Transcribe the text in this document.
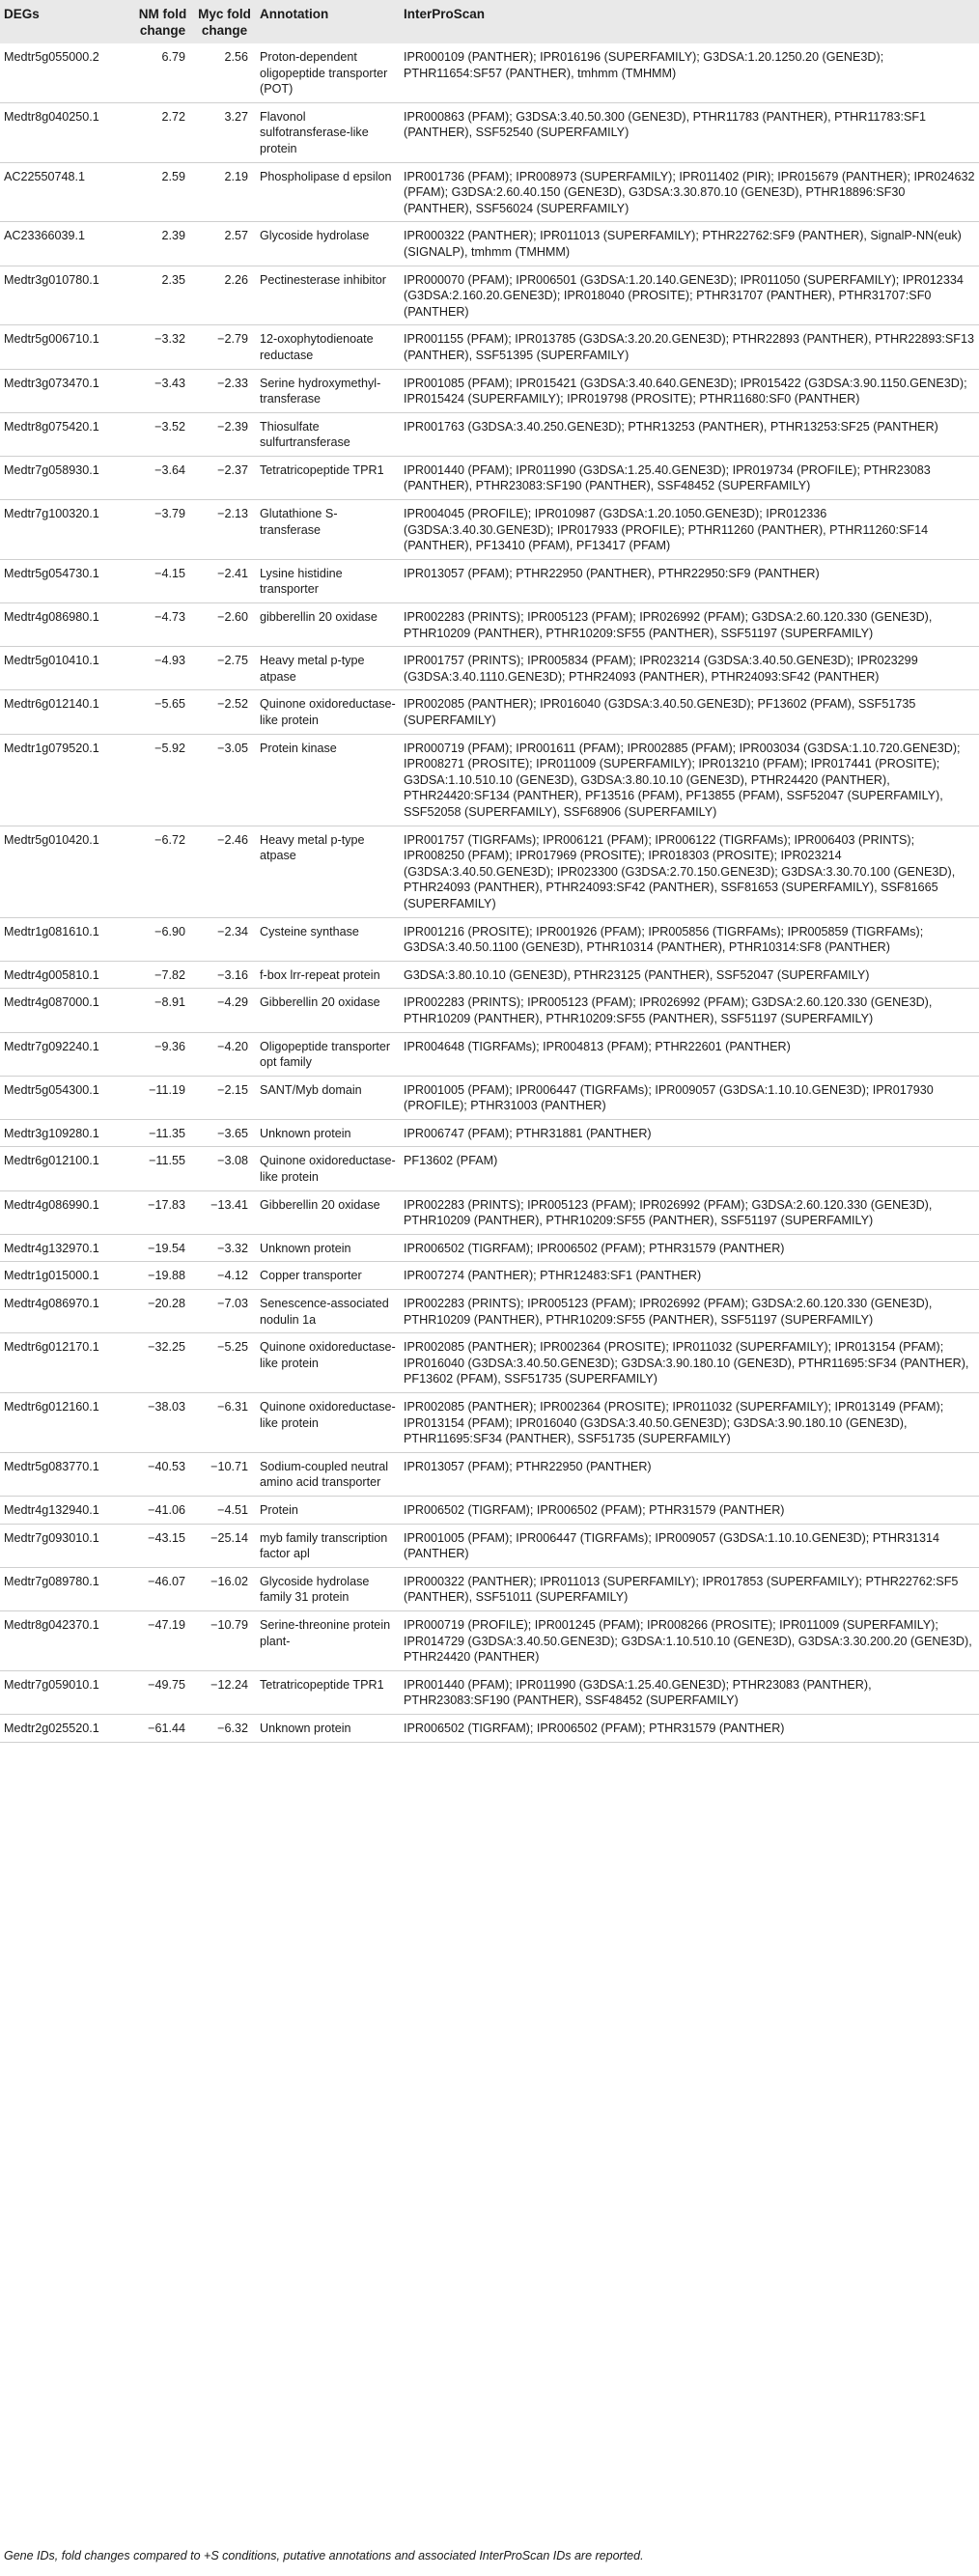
DEGs	NM fold change	Myc fold change	Annotation	InterProScan
Medtr5g055000.2	6.79	2.56	Proton-dependent oligopeptide transporter (POT)	IPR000109 (PANTHER); IPR016196 (SUPERFAMILY); G3DSA:1.20.1250.20 (GENE3D); PTHR11654:SF57 (PANTHER), tmhmm (TMHMM)
Medtr8g040250.1	2.72	3.27	Flavonol sulfotransferase-like protein	IPR000863 (PFAM); G3DSA:3.40.50.300 (GENE3D), PTHR11783 (PANTHER), PTHR11783:SF1 (PANTHER), SSF52540 (SUPERFAMILY)
AC22550748.1	2.59	2.19	Phospholipase d epsilon	IPR001736 (PFAM); IPR008973 (SUPERFAMILY); IPR011402 (PIR); IPR015679 (PANTHER); IPR024632 (PFAM); G3DSA:2.60.40.150 (GENE3D), G3DSA:3.30.870.10 (GENE3D), PTHR18896:SF30 (PANTHER), SSF56024 (SUPERFAMILY)
AC23366039.1	2.39	2.57	Glycoside hydrolase	IPR000322 (PANTHER); IPR011013 (SUPERFAMILY); PTHR22762:SF9 (PANTHER), SignalP-NN(euk) (SIGNALP), tmhmm (TMHMM)
Medtr3g010780.1	2.35	2.26	Pectinesterase inhibitor	IPR000070 (PFAM); IPR006501 (G3DSA:1.20.140.GENE3D); IPR011050 (SUPERFAMILY); IPR012334 (G3DSA:2.160.20.GENE3D); IPR018040 (PROSITE); PTHR31707 (PANTHER), PTHR31707:SF0 (PANTHER)
Medtr5g006710.1	−3.32	−2.79	12-oxophytodienoate reductase	IPR001155 (PFAM); IPR013785 (G3DSA:3.20.20.GENE3D); PTHR22893 (PANTHER), PTHR22893:SF13 (PANTHER), SSF51395 (SUPERFAMILY)
Medtr3g073470.1	−3.43	−2.33	Serine hydroxymethyl-transferase	IPR001085 (PFAM); IPR015421 (G3DSA:3.40.640.GENE3D); IPR015422 (G3DSA:3.90.1150.GENE3D); IPR015424 (SUPERFAMILY); IPR019798 (PROSITE); PTHR11680:SF0 (PANTHER)
Medtr8g075420.1	−3.52	−2.39	Thiosulfate sulfurtransferase	IPR001763 (G3DSA:3.40.250.GENE3D); PTHR13253 (PANTHER), PTHR13253:SF25 (PANTHER)
Medtr7g058930.1	−3.64	−2.37	Tetratricopeptide TPR1	IPR001440 (PFAM); IPR011990 (G3DSA:1.25.40.GENE3D); IPR019734 (PROFILE); PTHR23083 (PANTHER), PTHR23083:SF190 (PANTHER), SSF48452 (SUPERFAMILY)
Medtr7g100320.1	−3.79	−2.13	Glutathione S-transferase	IPR004045 (PROFILE); IPR010987 (G3DSA:1.20.1050.GENE3D); IPR012336 (G3DSA:3.40.30.GENE3D); IPR017933 (PROFILE); PTHR11260 (PANTHER), PTHR11260:SF14 (PANTHER), PF13410 (PFAM), PF13417 (PFAM)
Medtr5g054730.1	−4.15	−2.41	Lysine histidine transporter	IPR013057 (PFAM); PTHR22950 (PANTHER), PTHR22950:SF9 (PANTHER)
Medtr4g086980.1	−4.73	−2.60	gibberellin 20 oxidase	IPR002283 (PRINTS); IPR005123 (PFAM); IPR026992 (PFAM); G3DSA:2.60.120.330 (GENE3D), PTHR10209 (PANTHER), PTHR10209:SF55 (PANTHER), SSF51197 (SUPERFAMILY)
Medtr5g010410.1	−4.93	−2.75	Heavy metal p-type atpase	IPR001757 (PRINTS); IPR005834 (PFAM); IPR023214 (G3DSA:3.40.50.GENE3D); IPR023299 (G3DSA:3.40.1110.GENE3D); PTHR24093 (PANTHER), PTHR24093:SF42 (PANTHER)
Medtr6g012140.1	−5.65	−2.52	Quinone oxidoreductase-like protein	IPR002085 (PANTHER); IPR016040 (G3DSA:3.40.50.GENE3D); PF13602 (PFAM), SSF51735 (SUPERFAMILY)
Medtr1g079520.1	−5.92	−3.05	Protein kinase	IPR000719 (PFAM); IPR001611 (PFAM); IPR002885 (PFAM); IPR003034 (G3DSA:1.10.720.GENE3D); IPR008271 (PROSITE); IPR011009 (SUPERFAMILY); IPR013210 (PFAM); IPR017441 (PROSITE); G3DSA:1.10.510.10 (GENE3D), G3DSA:3.80.10.10 (GENE3D), PTHR24420 (PANTHER), PTHR24420:SF134 (PANTHER), PF13516 (PFAM), PF13855 (PFAM), SSF52047 (SUPERFAMILY), SSF52058 (SUPERFAMILY), SSF68906 (SUPERFAMILY)
Medtr5g010420.1	−6.72	−2.46	Heavy metal p-type atpase	IPR001757 (TIGRFAMs); IPR006121 (PFAM); IPR006122 (TIGRFAMs); IPR006403 (PRINTS); IPR008250 (PFAM); IPR017969 (PROSITE); IPR018303 (PROSITE); IPR023214 (G3DSA:3.40.50.GENE3D); IPR023300 (G3DSA:2.70.150.GENE3D); G3DSA:3.30.70.100 (GENE3D), PTHR24093 (PANTHER), PTHR24093:SF42 (PANTHER), SSF81653 (SUPERFAMILY), SSF81665 (SUPERFAMILY)
Medtr1g081610.1	−6.90	−2.34	Cysteine synthase	IPR001216 (PROSITE); IPR001926 (PFAM); IPR005856 (TIGRFAMs); IPR005859 (TIGRFAMs); G3DSA:3.40.50.1100 (GENE3D), PTHR10314 (PANTHER), PTHR10314:SF8 (PANTHER)
Medtr4g005810.1	−7.82	−3.16	f-box lrr-repeat protein	G3DSA:3.80.10.10 (GENE3D), PTHR23125 (PANTHER), SSF52047 (SUPERFAMILY)
Medtr4g087000.1	−8.91	−4.29	Gibberellin 20 oxidase	IPR002283 (PRINTS); IPR005123 (PFAM); IPR026992 (PFAM); G3DSA:2.60.120.330 (GENE3D), PTHR10209 (PANTHER), PTHR10209:SF55 (PANTHER), SSF51197 (SUPERFAMILY)
Medtr7g092240.1	−9.36	−4.20	Oligopeptide transporter opt family	IPR004648 (TIGRFAMs); IPR004813 (PFAM); PTHR22601 (PANTHER)
Medtr5g054300.1	−11.19	−2.15	SANT/Myb domain	IPR001005 (PFAM); IPR006447 (TIGRFAMs); IPR009057 (G3DSA:1.10.10.GENE3D); IPR017930 (PROFILE); PTHR31003 (PANTHER)
Medtr3g109280.1	−11.35	−3.65	Unknown protein	IPR006747 (PFAM); PTHR31881 (PANTHER)
Medtr6g012100.1	−11.55	−3.08	Quinone oxidoreductase-like protein	PF13602 (PFAM)
Medtr4g086990.1	−17.83	−13.41	Gibberellin 20 oxidase	IPR002283 (PRINTS); IPR005123 (PFAM); IPR026992 (PFAM); G3DSA:2.60.120.330 (GENE3D), PTHR10209 (PANTHER), PTHR10209:SF55 (PANTHER), SSF51197 (SUPERFAMILY)
Medtr4g132970.1	−19.54	−3.32	Unknown protein	IPR006502 (TIGRFAM); IPR006502 (PFAM); PTHR31579 (PANTHER)
Medtr1g015000.1	−19.88	−4.12	Copper transporter	IPR007274 (PANTHER); PTHR12483:SF1 (PANTHER)
Medtr4g086970.1	−20.28	−7.03	Senescence-associated nodulin 1a	IPR002283 (PRINTS); IPR005123 (PFAM); IPR026992 (PFAM); G3DSA:2.60.120.330 (GENE3D), PTHR10209 (PANTHER), PTHR10209:SF55 (PANTHER), SSF51197 (SUPERFAMILY)
Medtr6g012170.1	−32.25	−5.25	Quinone oxidoreductase-like protein	IPR002085 (PANTHER); IPR002364 (PROSITE); IPR011032 (SUPERFAMILY); IPR013154 (PFAM); IPR016040 (G3DSA:3.40.50.GENE3D); G3DSA:3.90.180.10 (GENE3D), PTHR11695:SF34 (PANTHER), PF13602 (PFAM), SSF51735 (SUPERFAMILY)
Medtr6g012160.1	−38.03	−6.31	Quinone oxidoreductase-like protein	IPR002085 (PANTHER); IPR002364 (PROSITE); IPR011032 (SUPERFAMILY); IPR013149 (PFAM); IPR013154 (PFAM); IPR016040 (G3DSA:3.40.50.GENE3D); G3DSA:3.90.180.10 (GENE3D), PTHR11695:SF34 (PANTHER), SSF51735 (SUPERFAMILY)
Medtr5g083770.1	−40.53	−10.71	Sodium-coupled neutral amino acid transporter	IPR013057 (PFAM); PTHR22950 (PANTHER)
Medtr4g132940.1	−41.06	−4.51	Protein	IPR006502 (TIGRFAM); IPR006502 (PFAM); PTHR31579 (PANTHER)
Medtr7g093010.1	−43.15	−25.14	myb family transcription factor apl	IPR001005 (PFAM); IPR006447 (TIGRFAMs); IPR009057 (G3DSA:1.10.10.GENE3D); PTHR31314 (PANTHER)
Medtr7g089780.1	−46.07	−16.02	Glycoside hydrolase family 31 protein	IPR000322 (PANTHER); IPR011013 (SUPERFAMILY); IPR017853 (SUPERFAMILY); PTHR22762:SF5 (PANTHER), SSF51011 (SUPERFAMILY)
Medtr8g042370.1	−47.19	−10.79	Serine-threonine protein plant-	IPR000719 (PROFILE); IPR001245 (PFAM); IPR008266 (PROSITE); IPR011009 (SUPERFAMILY); IPR014729 (G3DSA:3.40.50.GENE3D); G3DSA:1.10.510.10 (GENE3D), G3DSA:3.30.200.20 (GENE3D), PTHR24420 (PANTHER)
Medtr7g059010.1	−49.75	−12.24	Tetratricopeptide TPR1	IPR001440 (PFAM); IPR011990 (G3DSA:1.25.40.GENE3D); PTHR23083 (PANTHER), PTHR23083:SF190 (PANTHER), SSF48452 (SUPERFAMILY)
Medtr2g025520.1	−61.44	−6.32	Unknown protein	IPR006502 (TIGRFAM); IPR006502 (PFAM); PTHR31579 (PANTHER)
Gene IDs, fold changes compared to +S conditions, putative annotations and associated InterProScan IDs are reported.
